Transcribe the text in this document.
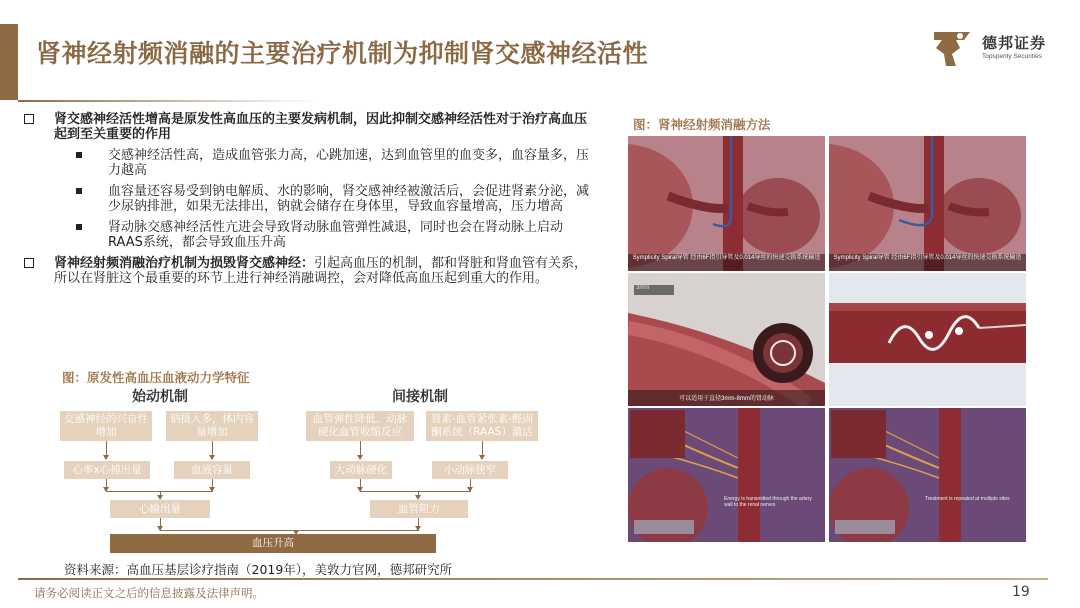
肾神经射频消融的主要治疗机制为抑制肾交感神经活性	德邦证券
Topsperity Securities
肾交感神经活性增高是原发性高血压的主要发病机制，因此抑制交感神经活性对于治疗高血压起到至关重要的作用
交感神经活性高，造成血管张力高，心跳加速，达到血管里的血变多，血容量多，压力越高
血容量还容易受到钠电解质、水的影响，肾交感神经被激活后，会促进肾素分泌，减少尿钠排泄，如果无法排出，钠就会储存在身体里，导致血容量增高，压力增高
肾动脉交感神经活性亢进会导致肾动脉血管弹性减退，同时也会在肾动脉上启动RAAS系统，都会导致血压升高
肾神经射频消融治疗机制为损毁肾交感神经：引起高血压的机制，都和肾脏和肾血管有关系，所以在肾脏这个最重要的环节上进行神经消融调控，会对降低高血压起到重大的作用。
图：肾神经射频消融方法
Symplicity Spiral导管 经由6F指引导管及0.014导丝的快速交换系统输送	Symplicity Spiral导管 经由6F指引导管及0.014导丝的快速交换系统输送
3mm
可以适用于直径3mm-8mm的肾动脉
Energy is transmitted through the artery wall to the renal nerves
Treatment is repeated at multiple sites
图：原发性高血压血液动力学特征
始动机制	间接机制
交感神经的兴奋性增加
钠摄入多，体内容量增加
血管弹性降低、动脉硬化血管收缩反应
肾素-血管紧张素-醛固酮系统（RAAS）激活
心率x心搏出量	血液容量	大动脉硬化	小动脉狭窄
心输出量	血管阻力
血压升高
资料来源：高血压基层诊疗指南（2019年），美敦力官网，德邦研究所
请务必阅读正文之后的信息披露及法律声明。	19
